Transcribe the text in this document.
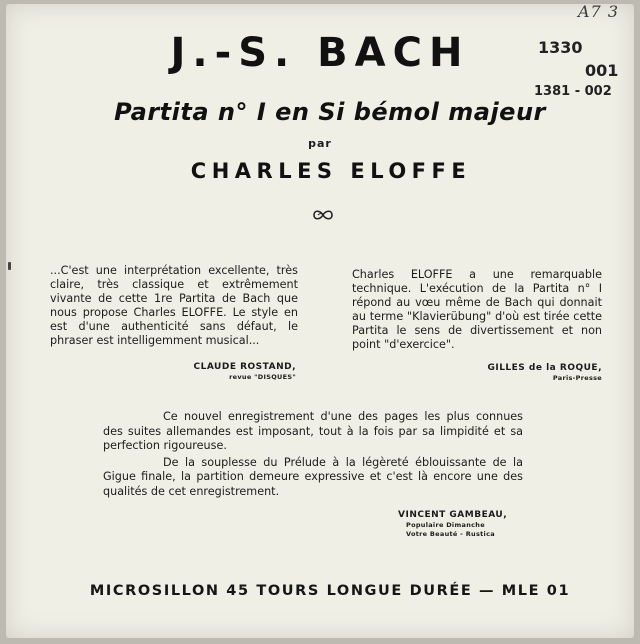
A7 3
1330
001
1381 - 002
J.-S. BACH
Partita n° I en Si bémol majeur
par
CHARLES ELOFFE
...C'est une interprétation excellente, très claire, très classique et extrêmement vivante de cette 1re Partita de Bach que nous propose Charles ELOFFE. Le style en est d'une authenticité sans défaut, le phraser est intelligemment musical...
CLAUDE ROSTAND,
revue "DISQUES"
Charles ELOFFE a une remarquable technique. L'exécution de la Partita n° I répond au vœu même de Bach qui donnait au terme "Klavierübung" d'où est tirée cette Partita le sens de divertissement et non point "d'exercice".
GILLES de la ROQUE,
Paris-Presse

Ce nouvel enregistrement d'une des pages les plus connues des suites allemandes est imposant, tout à la fois par sa limpidité et sa perfection rigoureuse.

De la souplesse du Prélude à la légèreté éblouissante de la Gigue finale, la partition demeure expressive et c'est là encore une des qualités de cet enregistrement.

VINCENT GAMBEAU,
Populaire Dimanche
Votre Beauté - Rustica
MICROSILLON 45 TOURS LONGUE DURÉE — MLE 01
